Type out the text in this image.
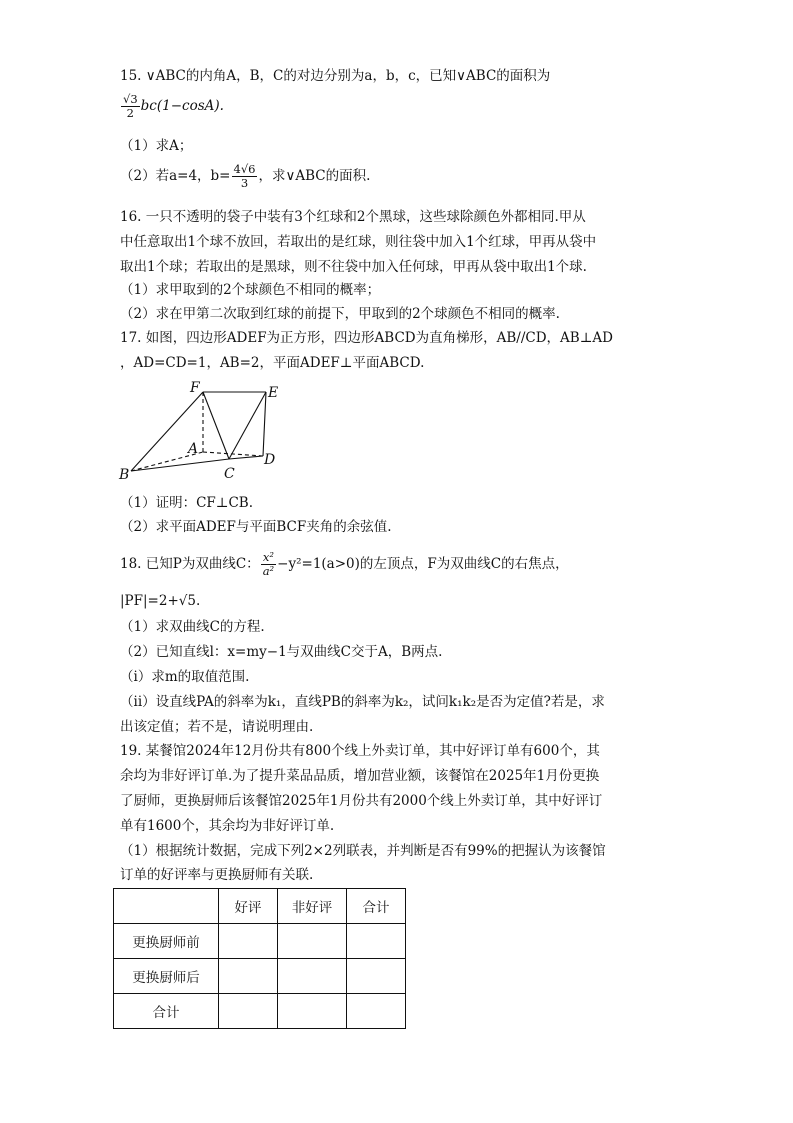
15. ∨ABC的内角A，B，C的对边分别为a，b，c，已知∨ABC的面积为
$\frac{√3}{2} bc(1-\cos A)$.
（1）求A；
（2）若a=4，$b= \frac{4√6}{3}$ ，求∨ABC的面积.
16. 一只不透明的袋子中装有3个红球和2个黑球，这些球除颜色外都相同.甲从
中任意取出1个球不放回，若取出的是红球，则往袋中加入1个红球，甲再从袋中
取出1个球；若取出的是黑球，则不往袋中加入任何球，甲再从袋中取出1个球.
（1）求甲取到的2个球颜色不相同的概率；
（2）求在甲第二次取到红球的前提下，甲取到的2个球颜色不相同的概率.
17. 如图，四边形ADEF为正方形，四边形ABCD为直角梯形，AB//CD，AB⊥AD
，AD=CD=1，AB=2，平面ADEF⊥平面ABCD.
F	E
A
D
B	C
（1）证明：CF⊥CB.
（2）求平面ADEF与平面BCF夹角的余弦值.
18. 已知P为双曲线C： $\frac{\text{x²}}{\text{a²}} -y^2=1(a>0)$的左顶点，F为双曲线C的右焦点，
|PF|=2+√5.
（1）求双曲线C的方程.
（2）已知直线l：x=my−1与双曲线C交于A，B两点.
（i）求m的取值范围.
（ii）设直线PA的斜率为k₁，直线PB的斜率为k₂，试问k₁k₂是否为定值?若是，求
出该定值；若不是，请说明理由.
19. 某餐馆2024年12月份共有800个线上外卖订单，其中好评订单有600个，其
余均为非好评订单.为了提升菜品品质，增加营业额，该餐馆在2025年1月份更换
了厨师，更换厨师后该餐馆2025年1月份共有2000个线上外卖订单，其中好评订
单有1600个，其余均为非好评订单.
（1）根据统计数据，完成下列2×2列联表，并判断是否有99%的把握认为该餐馆
订单的好评率与更换厨师有关联.
	好评	非好评	合计
更换厨师前			
更换厨师后			
合计			
